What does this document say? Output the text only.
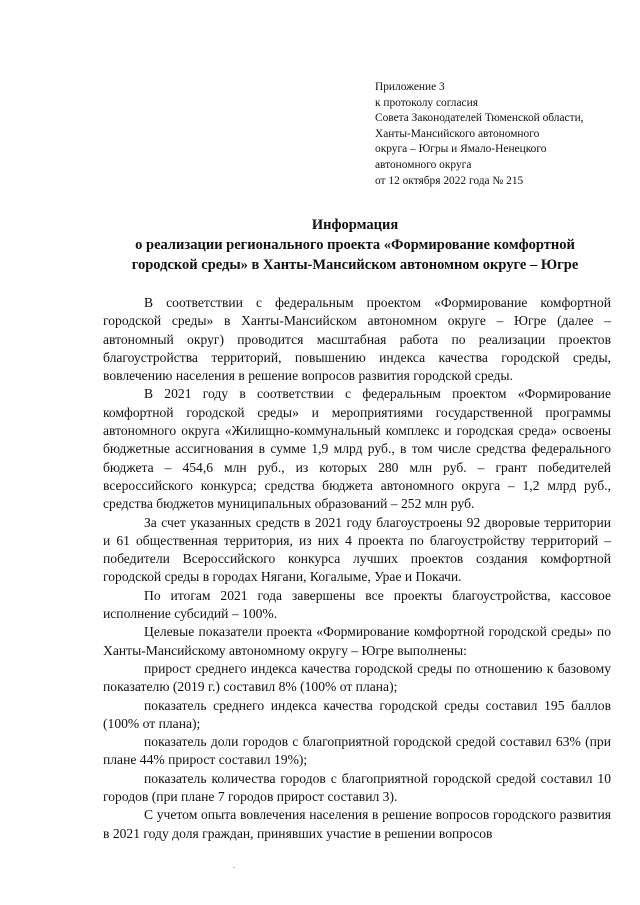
Приложение 3
к протоколу согласия
Совета Законодателей Тюменской области,
Ханты-Мансийского автономного
округа – Югры и Ямало-Ненецкого
автономного округа
от 12 октября 2022 года № 215
Информация
о реализации регионального проекта «Формирование комфортной
городской среды» в Ханты-Мансийском автономном округе – Югре

В соответствии с федеральным проектом «Формирование комфортной городской среды» в Ханты-Мансийском автономном округе – Югре (далее – автономный округ) проводится масштабная работа по реализации проектов благоустройства территорий, повышению индекса качества городской среды, вовлечению населения в решение вопросов развития городской среды.

В 2021 году в соответствии с федеральным проектом «Формирование комфортной городской среды» и мероприятиями государственной программы автономного округа «Жилищно-коммунальный комплекс и городская среда» освоены бюджетные ассигнования в сумме 1,9 млрд руб., в том числе средства федерального бюджета – 454,6 млн руб., из которых 280 млн руб. – грант победителей всероссийского конкурса; средства бюджета автономного округа – 1,2 млрд руб., средства бюджетов муниципальных образований – 252 млн руб.

За счет указанных средств в 2021 году благоустроены 92 дворовые территории и 61 общественная территория, из них 4 проекта по благоустройству территорий – победители Всероссийского конкурса лучших проектов создания комфортной городской среды в городах Нягани, Когалыме, Урае и Покачи.

По итогам 2021 года завершены все проекты благоустройства, кассовое исполнение субсидий – 100%.

Целевые показатели проекта «Формирование комфортной городской среды» по Ханты-Мансийскому автономному округу – Югре выполнены:

прирост среднего индекса качества городской среды по отношению к базовому показателю (2019 г.) составил 8% (100% от плана);

показатель среднего индекса качества городской среды составил 195 баллов (100% от плана);

показатель доли городов с благоприятной городской средой составил 63% (при плане 44% прирост составил 19%);

показатель количества городов с благоприятной городской средой составил 10 городов (при плане 7 городов прирост составил 3).

С учетом опыта вовлечения населения в решение вопросов городского развития в 2021 году доля граждан, принявших участие в решении вопросов

.
